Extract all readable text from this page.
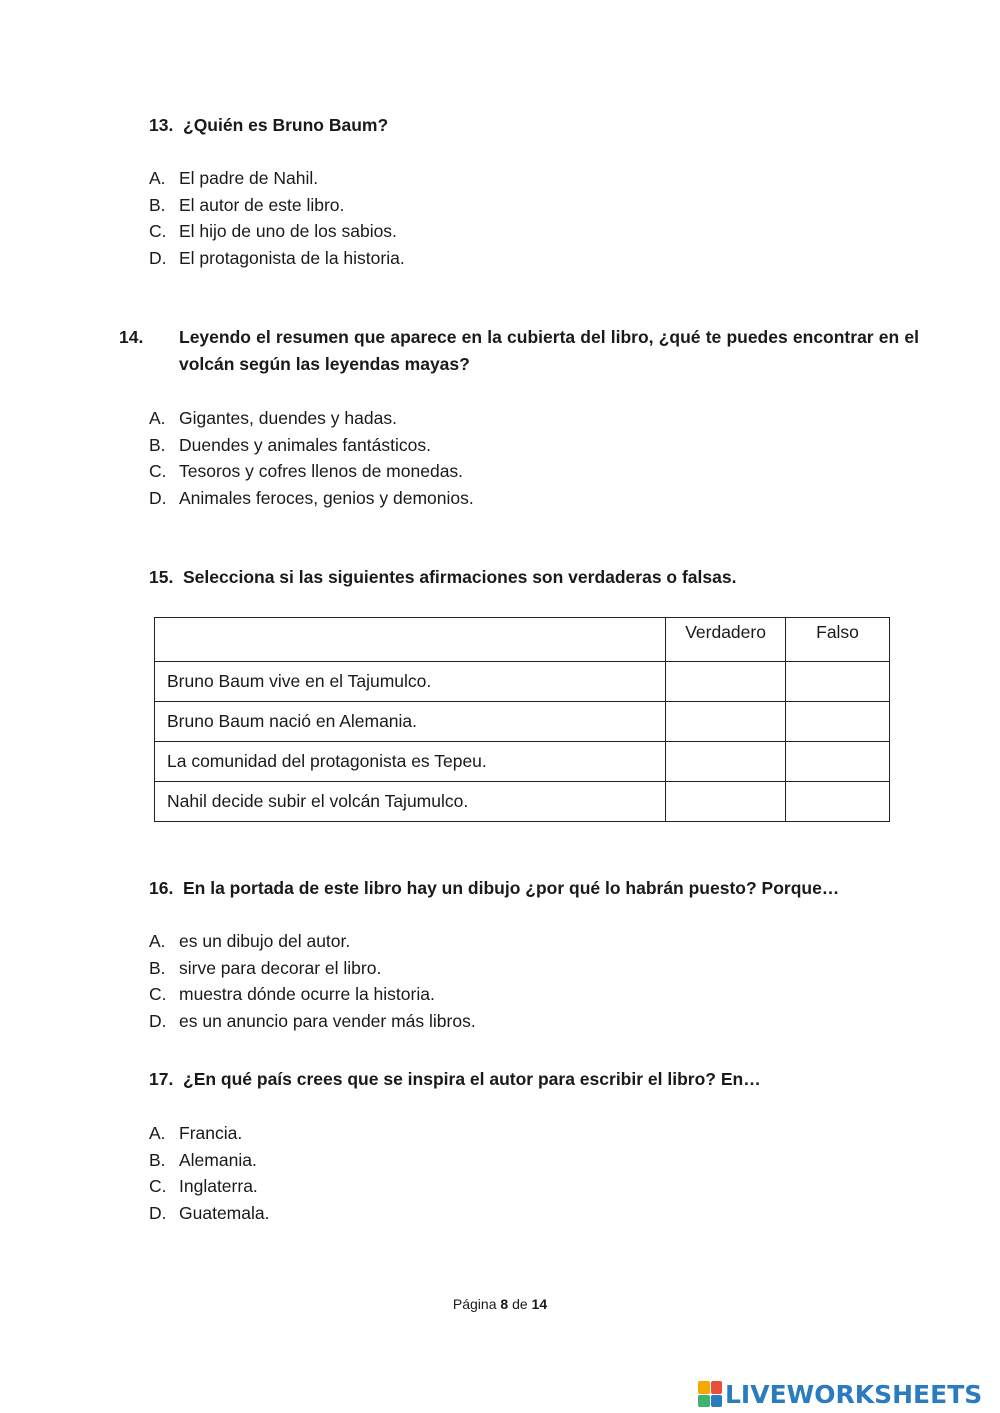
13. ¿Quién es Bruno Baum?

A. El padre de Nahil.
B. El autor de este libro.
C. El hijo de uno de los sabios.
D. El protagonista de la historia.

14. Leyendo el resumen que aparece en la cubierta del libro, ¿qué te puedes encontrar en el volcán según las leyendas mayas?

A. Gigantes, duendes y hadas.
B. Duendes y animales fantásticos.
C. Tesoros y cofres llenos de monedas.
D. Animales feroces, genios y demonios.

15. Selecciona si las siguientes afirmaciones son verdaderas o falsas.

	Verdadero	Falso
Bruno Baum vive en el Tajumulco.		
Bruno Baum nació en Alemania.		
La comunidad del protagonista es Tepeu.		
Nahil decide subir el volcán Tajumulco.		

16. En la portada de este libro hay un dibujo ¿por qué lo habrán puesto? Porque…

A. es un dibujo del autor.
B. sirve para decorar el libro.
C. muestra dónde ocurre la historia.
D. es un anuncio para vender más libros.

17. ¿En qué país crees que se inspira el autor para escribir el libro? En…

A. Francia.
B. Alemania.
C. Inglaterra.
D. Guatemala.
Página 8 de 14
LIVEWORKSHEETS
